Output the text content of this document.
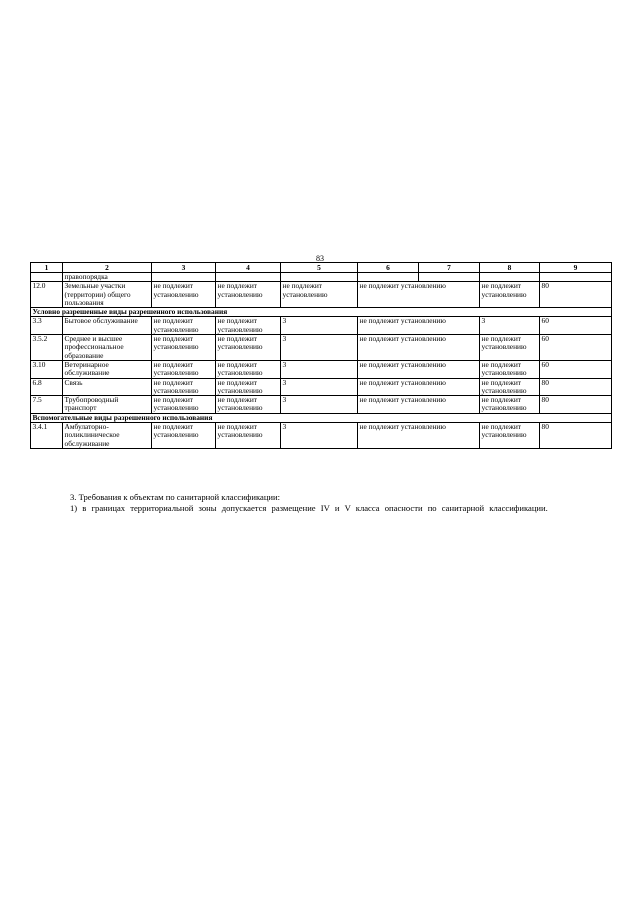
83
1	2	3	4	5	6	7	8	9
	правопорядка							
12.0	Земельные участки (территории) общего пользования	не подлежит установлению	не подлежит установлению	не подлежит установлению	не подлежит установлению		не подлежит установлению	80
Условно разрешенные виды разрешенного использования								
3.3	Бытовое обслуживание	не подлежит установлению	не подлежит установлению	3	не подлежит установлению		3	60
3.5.2	Среднее и высшее профессиональное образование	не подлежит установлению	не подлежит установлению	3	не подлежит установлению		не подлежит установлению	60
3.10	Ветеринарное обслуживание	не подлежит установлению	не подлежит установлению	3	не подлежит установлению		не подлежит установлению	60
6.8	Связь	не подлежит установлению	не подлежит установлению	3	не подлежит установлению		не подлежит установлению	80
7.5	Трубопроводный транспорт	не подлежит установлению	не подлежит установлению	3	не подлежит установлению		не подлежит установлению	80
Вспомогательные виды разрешенного использования								
3.4.1	Амбулаторно-поликлиническое обслуживание	не подлежит установлению	не подлежит установлению	3	не подлежит установлению		не подлежит установлению	80
3. Требования к объектам по санитарной классификации:
1) в границах территориальной зоны допускается размещение IV и V класса опасности по санитарной классификации.
